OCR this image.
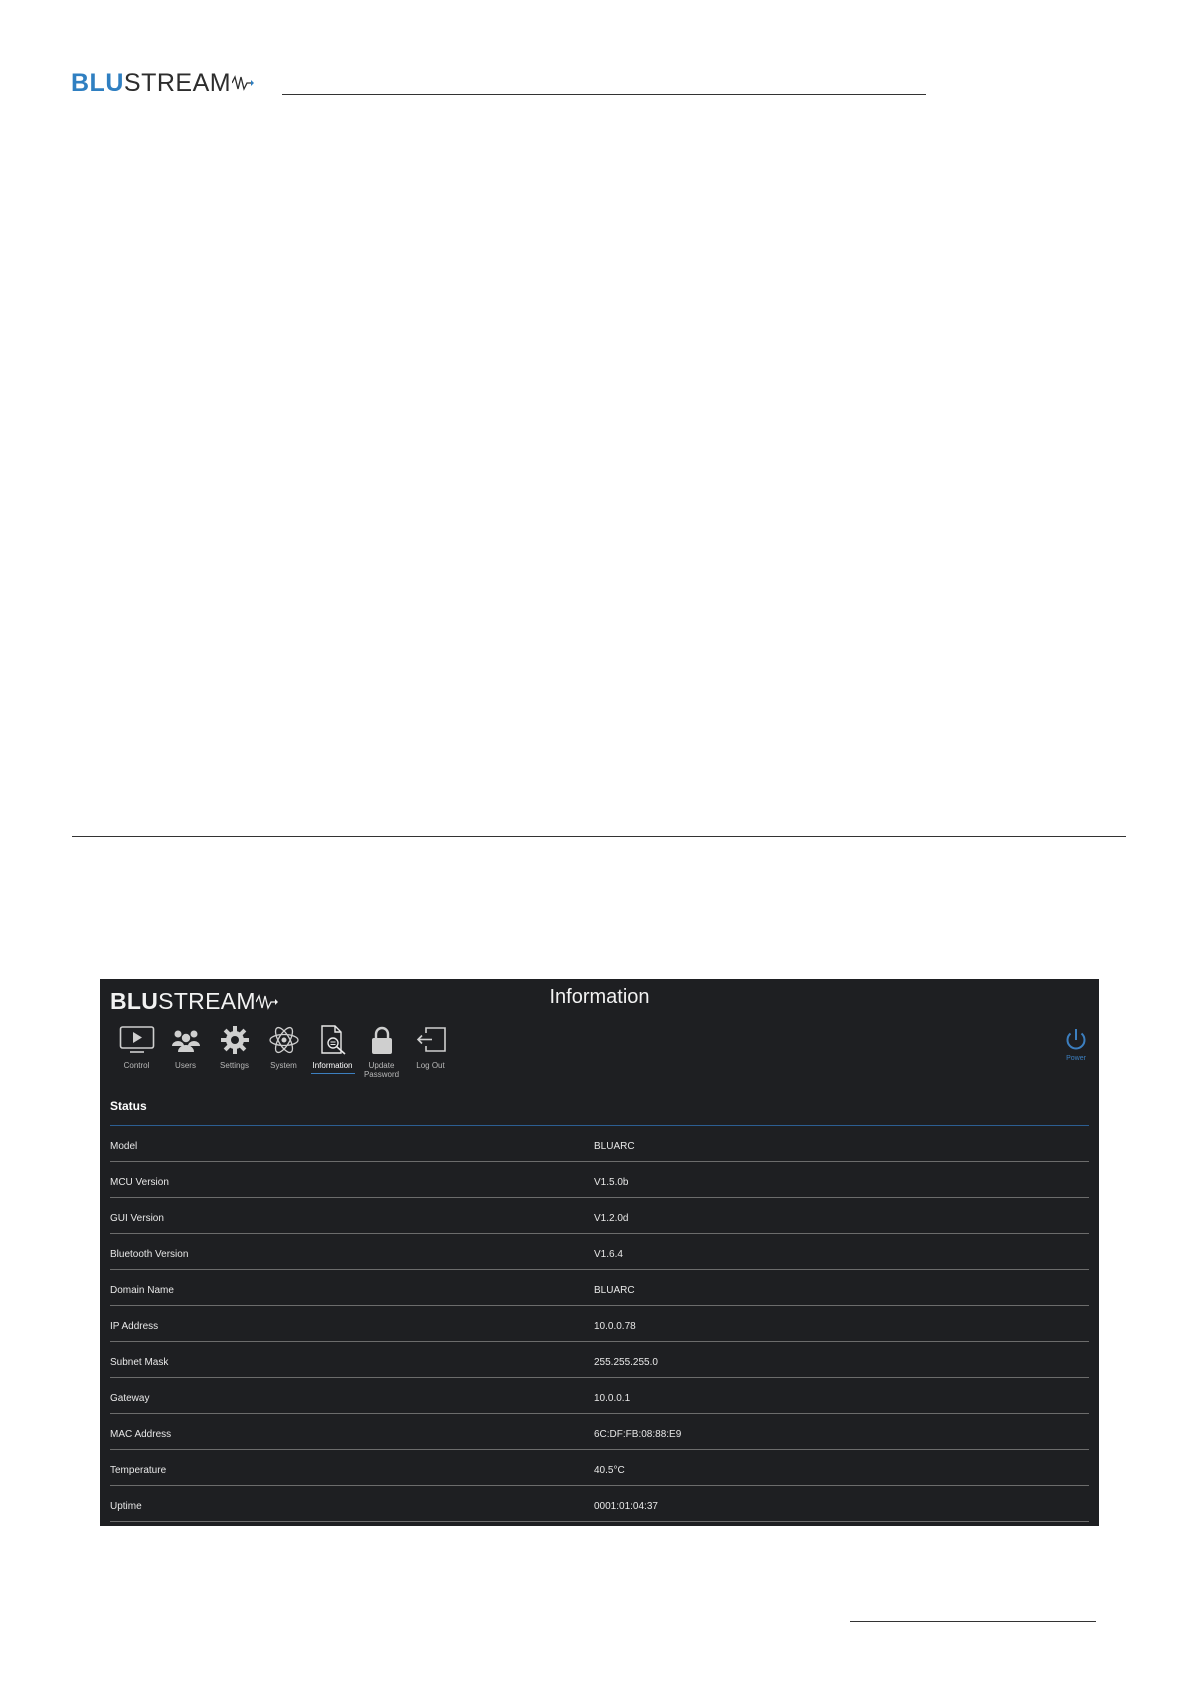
BLU STREAM
BLU STREAM	Information
Control	Users	Settings	System Information	Update Password
Log Out
Power
Status
Model	BLUARC
MCU Version	V1.5.0b
GUI Version	V1.2.0d
Bluetooth Version	V1.6.4
Domain Name	BLUARC
IP Address	10.0.0.78
Subnet Mask	255.255.255.0
Gateway	10.0.0.1
MAC Address	6C:DF:FB:08:88:E9
Temperature	40.5°C
Uptime	0001:01:04:37
